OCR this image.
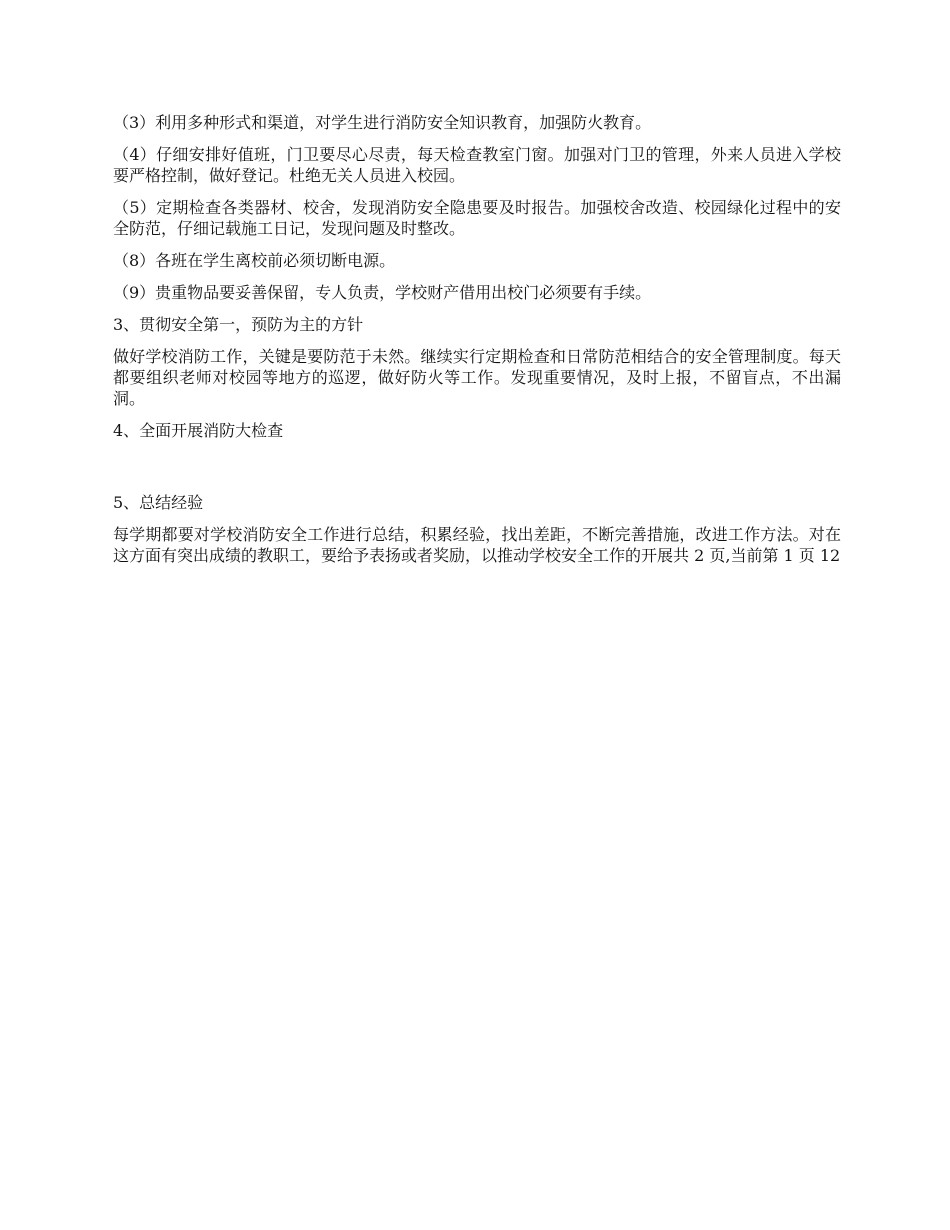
（3）利用多种形式和渠道，对学生进行消防安全知识教育，加强防火教育。

（4）仔细安排好值班，门卫要尽心尽责，每天检查教室门窗。加强对门卫的管理，外来人员进入学校要严格控制，做好登记。杜绝无关人员进入校园。

（5）定期检查各类器材、校舍，发现消防安全隐患要及时报告。加强校舍改造、校园绿化过程中的安全防范，仔细记载施工日记，发现问题及时整改。

（8）各班在学生离校前必须切断电源。

（9）贵重物品要妥善保留，专人负责，学校财产借用出校门必须要有手续。

3、贯彻安全第一，预防为主的方针

做好学校消防工作，关键是要防范于未然。继续实行定期检查和日常防范相结合的安全管理制度。每天都要组织老师对校园等地方的巡逻，做好防火等工作。发现重要情况，及时上报，不留盲点，不出漏洞。

4、全面开展消防大检查

5、总结经验

每学期都要对学校消防安全工作进行总结，积累经验，找出差距，不断完善措施，改进工作方法。对在这方面有突出成绩的教职工，要给予表扬或者奖励，以推动学校安全工作的开展共 2 页,当前第 1 页 12
